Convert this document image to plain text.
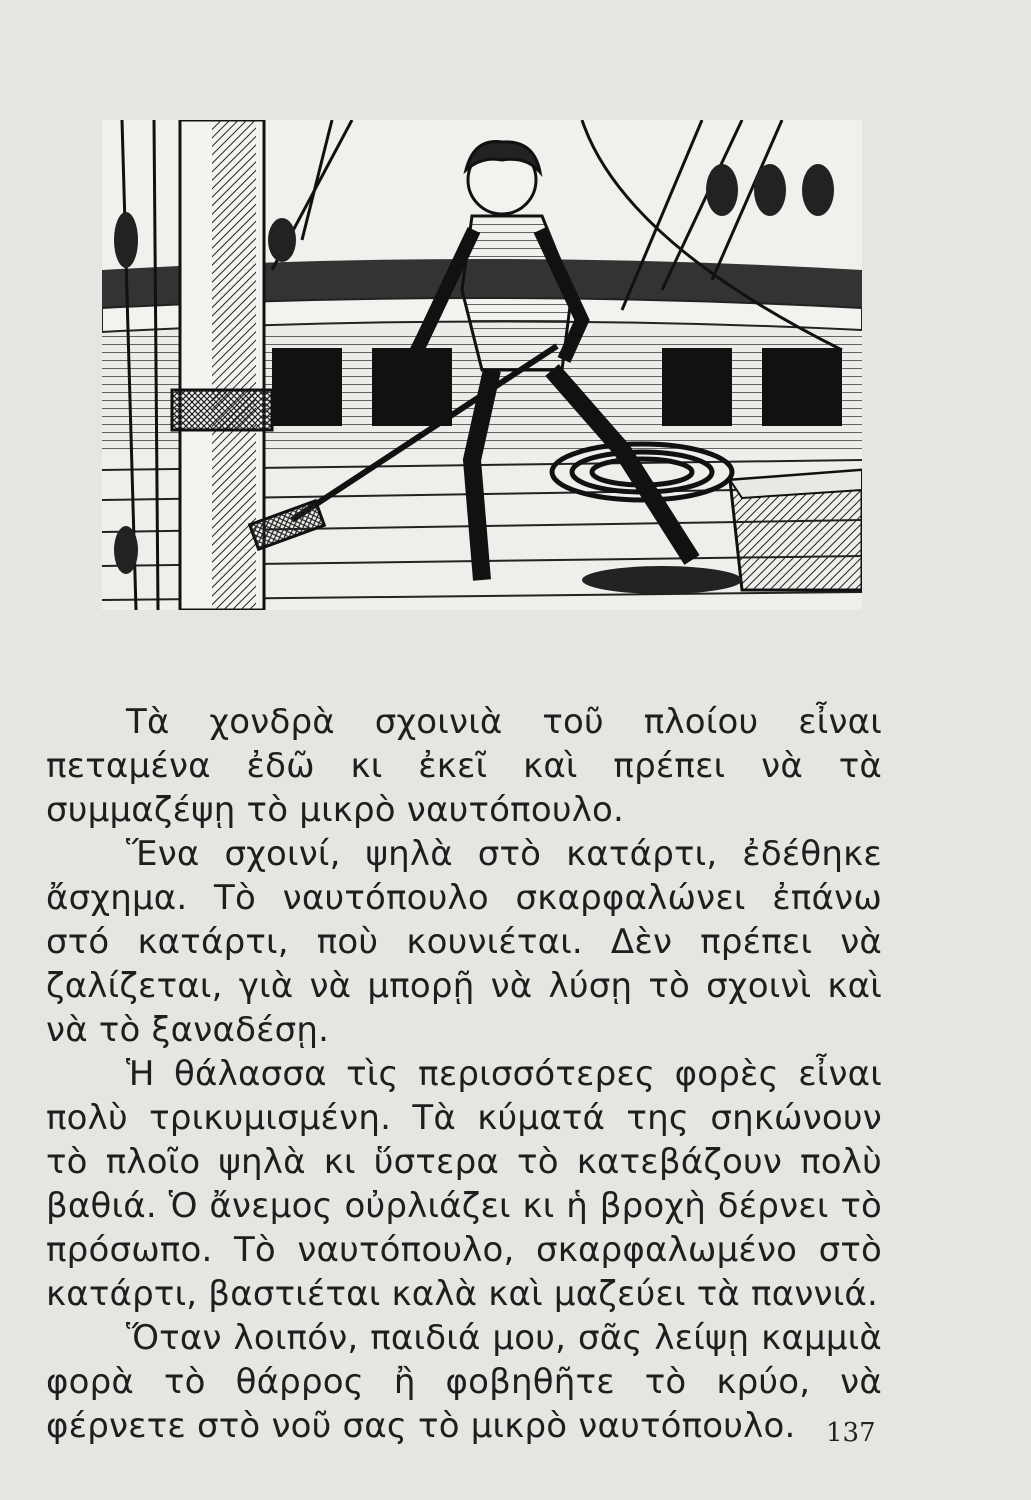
Τὰ χονδρὰ σχοινιὰ τοῦ πλοίου εἶναι πεταμένα ἐδῶ κι ἐκεῖ καὶ πρέπει νὰ τὰ συμμαζέψῃ τὸ μικρὸ ναυτόπουλο.

Ἕνα σχοινί, ψηλὰ στὸ κατάρτι, ἐδέθηκε ἄσχημα. Τὸ ναυτόπουλο σκαρφαλώνει ἐπάνω στό κατάρτι, ποὺ κουνιέται. Δὲν πρέπει νὰ ζαλίζεται, γιὰ νὰ μπορῇ νὰ λύσῃ τὸ σχοινὶ καὶ νὰ τὸ ξαναδέσῃ.

Ἡ θάλασσα τὶς περισσότερες φορὲς εἶναι πολὺ τρικυμισμένη. Τὰ κύματά της σηκώνουν τὸ πλοῖο ψηλὰ κι ὕστερα τὸ κατεβάζουν πολὺ βαθιά. Ὁ ἄνεμος οὐρλιάζει κι ἡ βροχὴ δέρνει τὸ πρόσωπο. Τὸ ναυτόπουλο, σκαρφαλωμένο στὸ κατάρτι, βαστιέται καλὰ καὶ μαζεύει τὰ παννιά.

Ὅταν λοιπόν, παιδιά μου, σᾶς λείψῃ καμμιὰ φορὰ τὸ θάρρος ἢ φοβηθῆτε τὸ κρύο, νὰ φέρνετε στὸ νοῦ σας τὸ μικρὸ ναυτόπουλο.	137
